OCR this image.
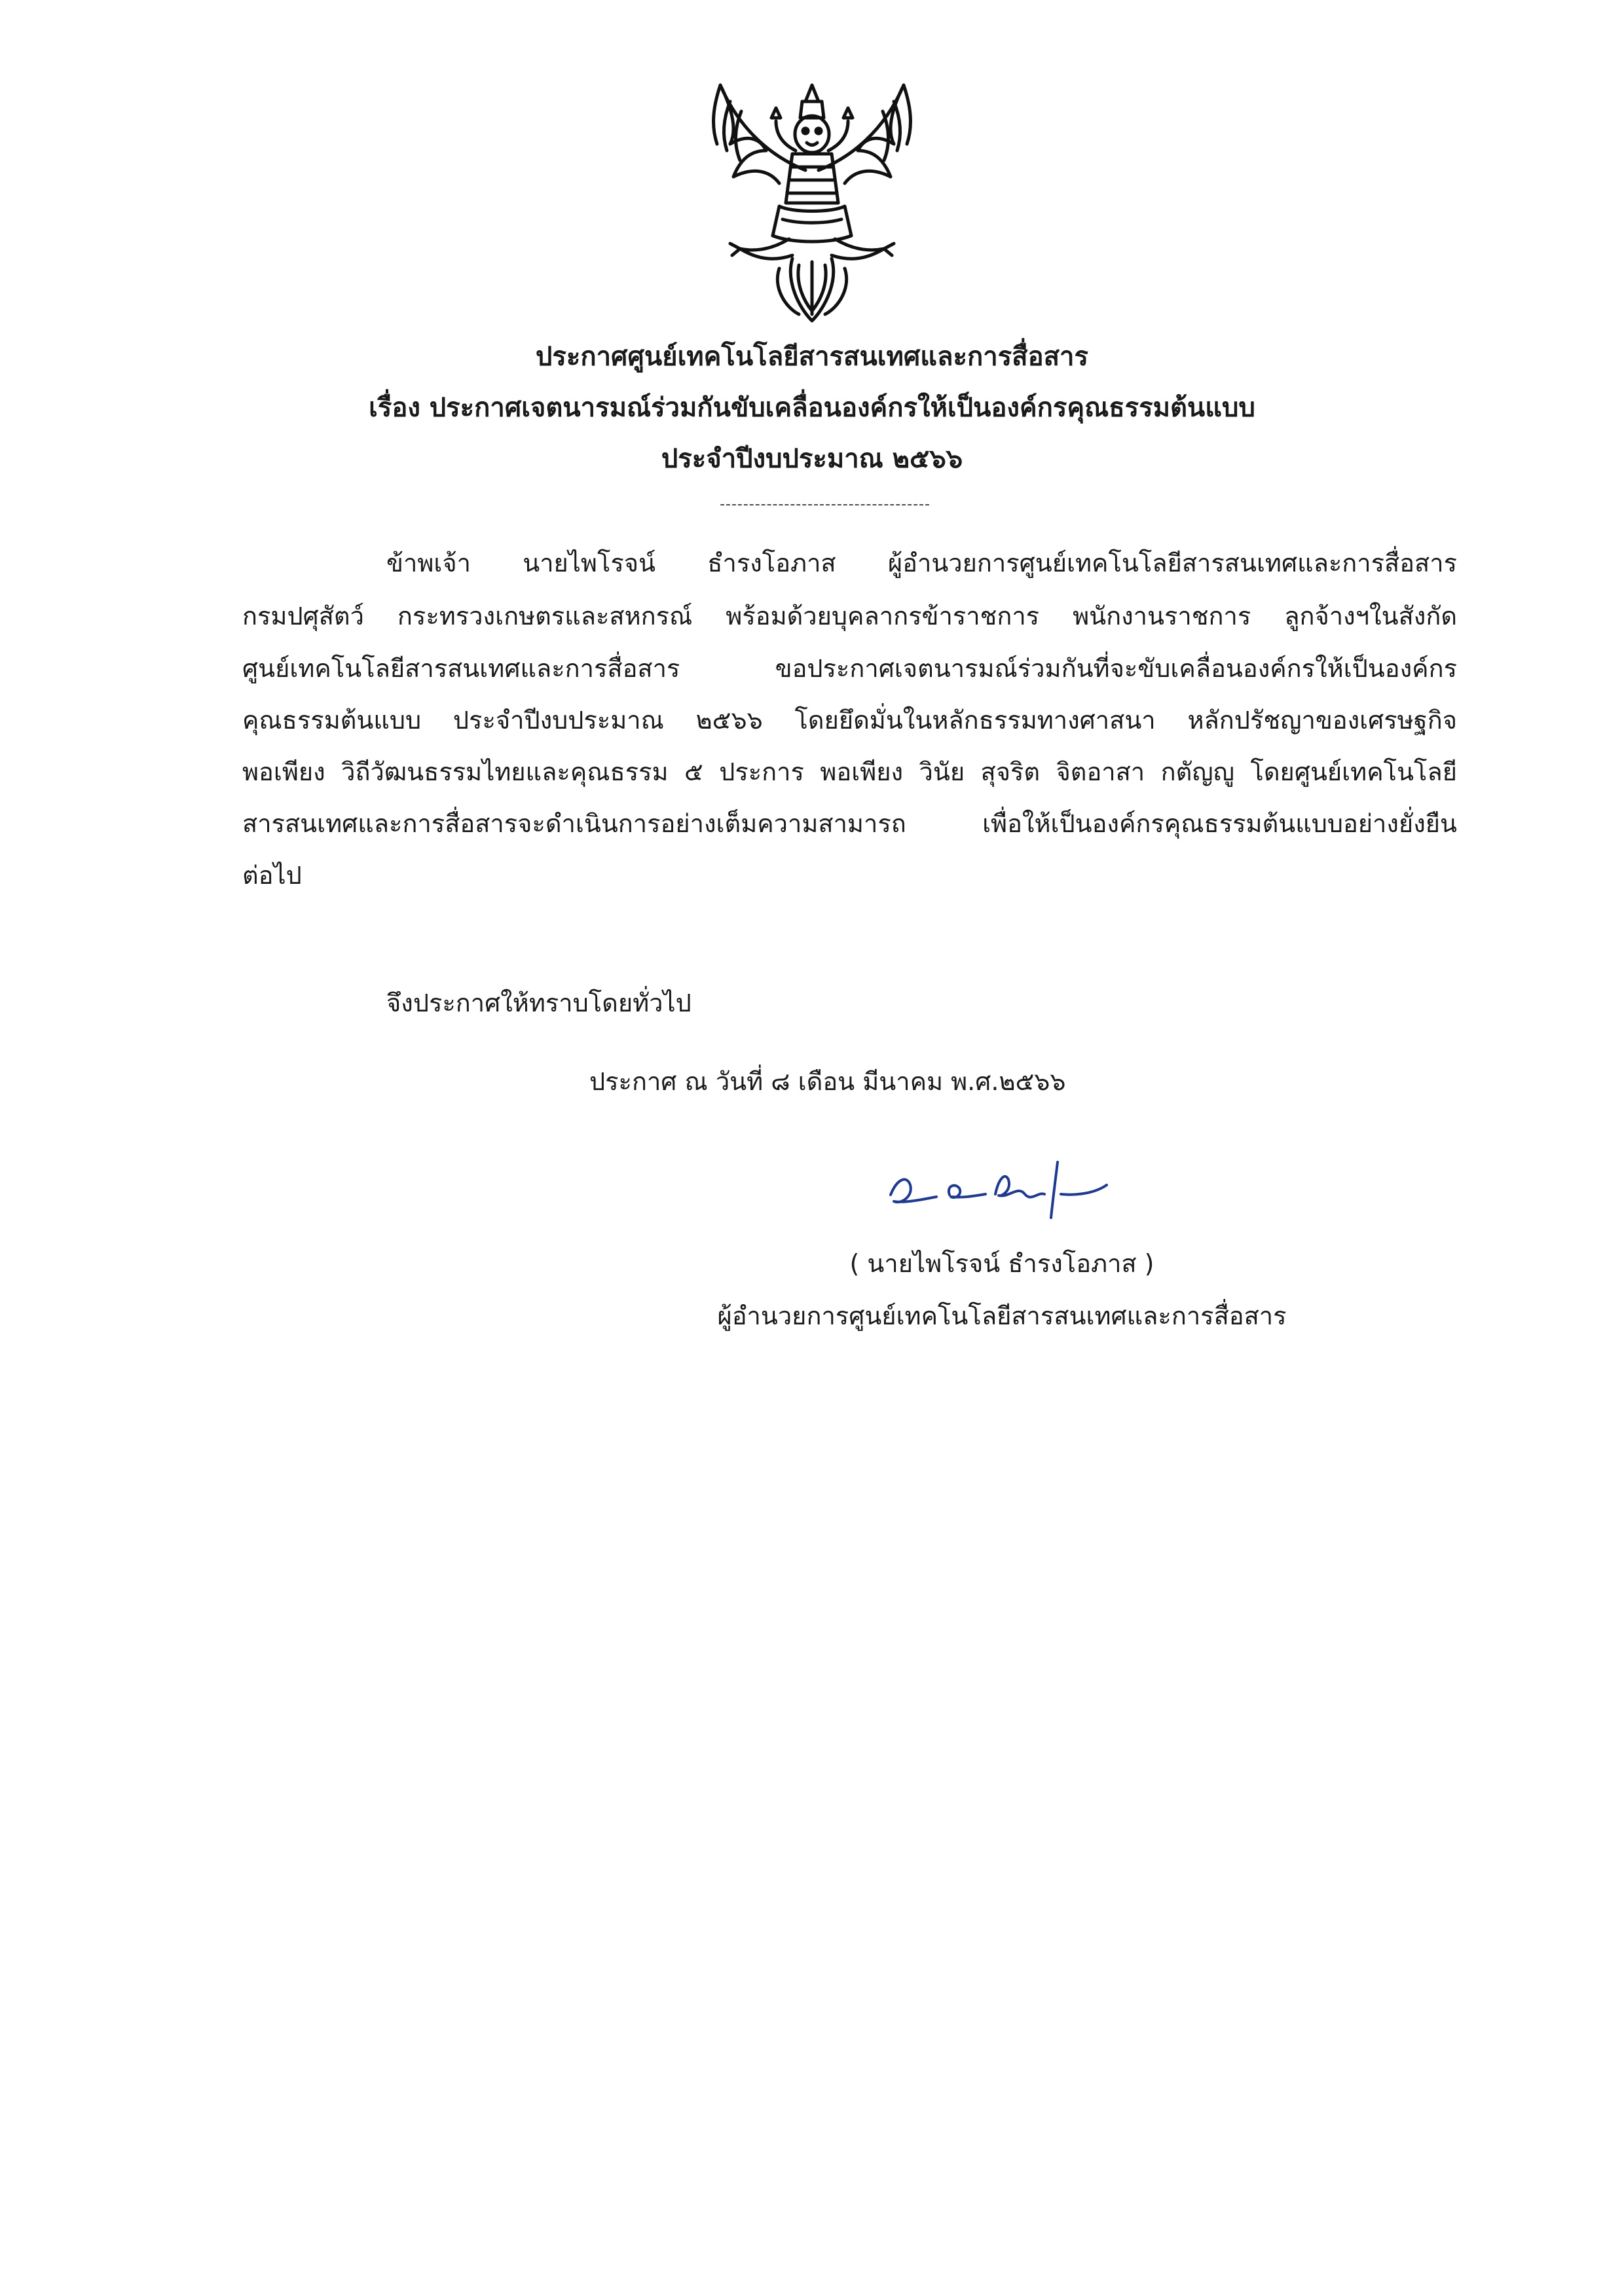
ประกาศศูนย์เทคโนโลยีสารสนเทศและการสื่อสาร
เรื่อง ประกาศเจตนารมณ์ร่วมกันขับเคลื่อนองค์กรให้เป็นองค์กรคุณธรรมต้นแบบ
ประจำปีงบประมาณ ๒๕๖๖
------------------------------------
ข้าพเจ้า นายไพโรจน์ ธำรงโอภาส ผู้อำนวยการศูนย์เทคโนโลยีสารสนเทศและการสื่อสาร
กรมปศุสัตว์ กระทรวงเกษตรและสหกรณ์ พร้อมด้วยบุคลากรข้าราชการ พนักงานราชการ ลูกจ้างฯในสังกัด
ศูนย์เทคโนโลยีสารสนเทศและการสื่อสาร ขอประกาศเจตนารมณ์ร่วมกันที่จะขับเคลื่อนองค์กรให้เป็นองค์กร
คุณธรรมต้นแบบ ประจำปีงบประมาณ ๒๕๖๖ โดยยึดมั่นในหลักธรรมทางศาสนา หลักปรัชญาของเศรษฐกิจ
พอเพียง วิถีวัฒนธรรมไทยและคุณธรรม ๕ ประการ พอเพียง วินัย สุจริต จิตอาสา กตัญญู โดยศูนย์เทคโนโลยี
สารสนเทศและการสื่อสารจะดำเนินการอย่างเต็มความสามารถ เพื่อให้เป็นองค์กรคุณธรรมต้นแบบอย่างยั่งยืน
ต่อไป
จึงประกาศให้ทราบโดยทั่วไป
ประกาศ ณ วันที่ ๘ เดือน มีนาคม พ.ศ.๒๕๖๖
( นายไพโรจน์ ธำรงโอภาส )
ผู้อำนวยการศูนย์เทคโนโลยีสารสนเทศและการสื่อสาร
